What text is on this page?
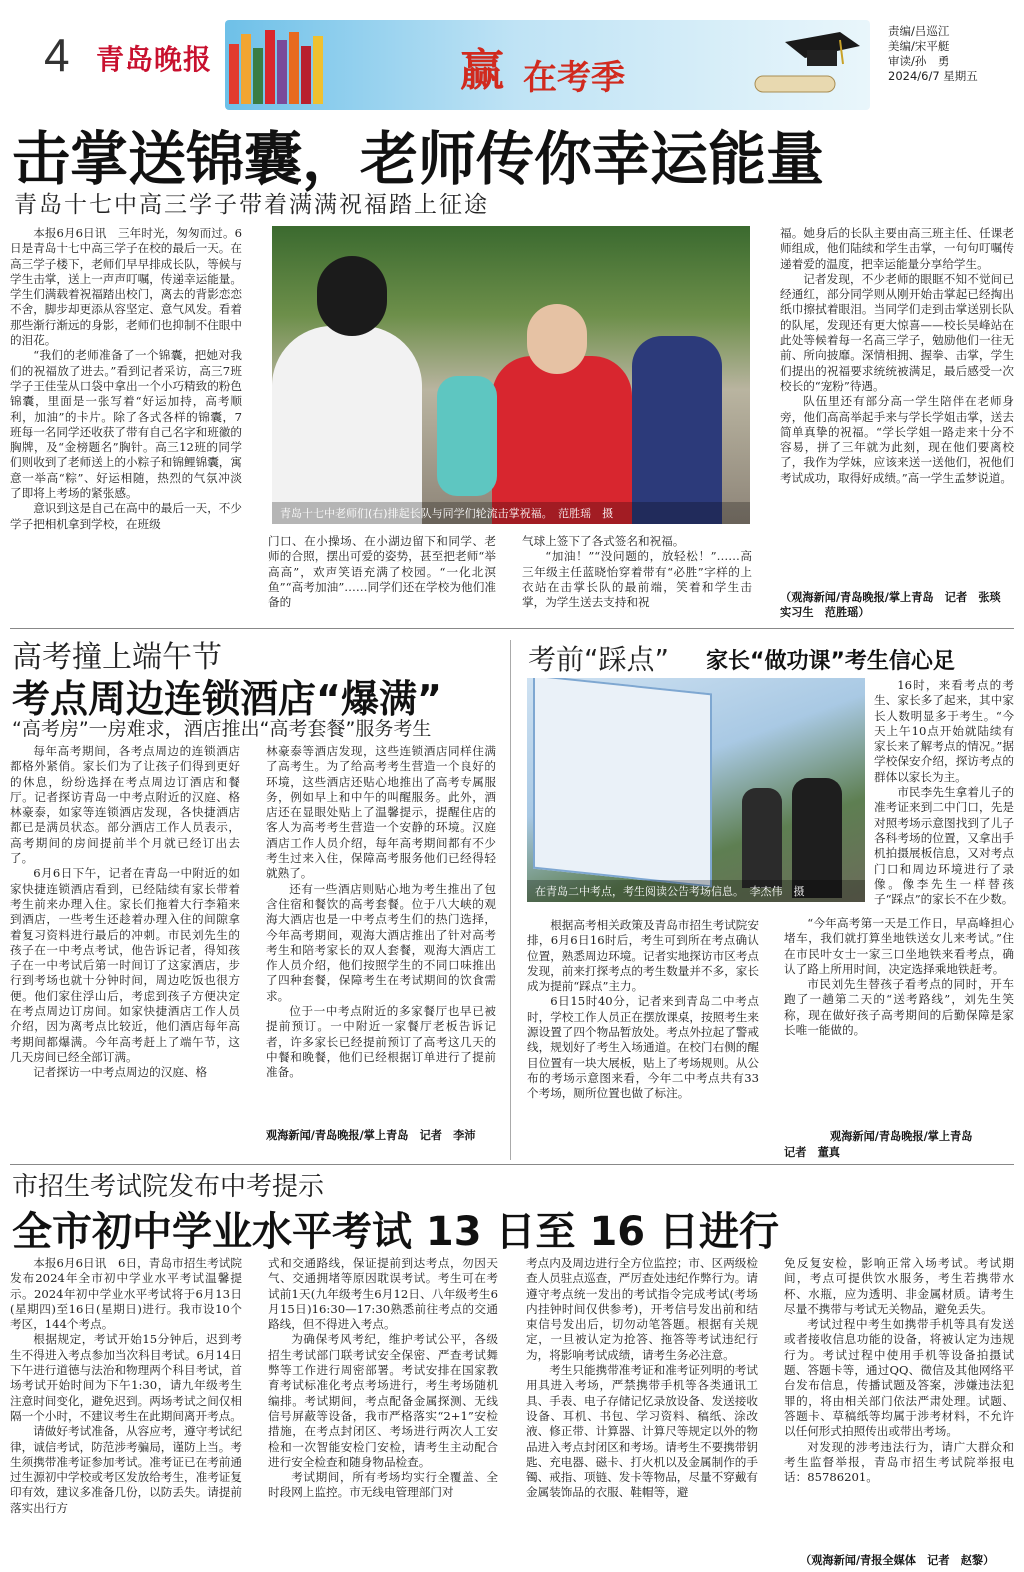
4 青岛晚报	赢 在考季
责编/吕巡江
美编/宋平艇
审读/孙　勇
2024/6/7 星期五
击掌送锦囊，老师传你幸运能量
青岛十七中高三学子带着满满祝福踏上征途

本报6月6日讯　三年时光，匆匆而过。6日是青岛十七中高三学子在校的最后一天。在高三学子楼下，老师们早早排成长队，等候与学生击掌，送上一声声叮嘱，传递幸运能量。学生们满载着祝福踏出校门，离去的背影恋恋不舍，脚步却更添从容坚定、意气风发。看着那些渐行渐远的身影，老师们也抑制不住眼中的泪花。

“我们的老师准备了一个锦囊，把她对我们的祝福放了进去。”看到记者采访，高三7班学子王佳莹从口袋中拿出一个小巧精致的粉色锦囊，里面是一张写着“好运加持，高考顺利，加油”的卡片。除了各式各样的锦囊，7班每一名同学还收获了带有自己名字和班徽的胸牌，及“金榜题名”胸针。高三12班的同学们则收到了老师送上的小粽子和锦鲤锦囊，寓意一举高“粽”、好运相随，热烈的气氛冲淡了即将上考场的紧张感。

意识到这是自己在高中的最后一天，不少学子把相机拿到学校，在班级

青岛十七中老师们(右)排起长队与同学们轮流击掌祝福。　范胜瑶　摄

门口、在小操场、在小湖边留下和同学、老师的合照，摆出可爱的姿势，甚至把老师“举高高”，欢声笑语充满了校园。“一化北溟鱼”“高考加油”……同学们还在学校为他们准备的

气球上签下了各式签名和祝福。

“加油！”“没问题的，放轻松！”……高三年级主任蓝晓怡穿着带有“必胜”字样的上衣站在击掌长队的最前端，笑着和学生击掌，为学生送去支持和祝

福。她身后的长队主要由高三班主任、任课老师组成，他们陆续和学生击掌，一句句叮嘱传递着爱的温度，把幸运能量分享给学生。

记者发现，不少老师的眼眶不知不觉间已经通红，部分同学则从刚开始击掌起已经掏出纸巾擦拭着眼泪。当同学们走到击掌送别长队的队尾，发现还有更大惊喜——校长吴峰站在此处等候着每一名高三学子，勉励他们一往无前、所向披靡。深情相拥、握拳、击掌，学生们提出的祝福要求统统被满足，最后感受一次校长的“宠粉”待遇。

队伍里还有部分高一学生陪伴在老师身旁，他们高高举起手来与学长学姐击掌，送去简单真挚的祝福。“学长学姐一路走来十分不容易，拼了三年就为此刻，现在他们要离校了，我作为学妹，应该来送一送他们，祝他们考试成功，取得好成绩。”高一学生孟梦说道。

（观海新闻/青岛晚报/掌上青岛　记者　张琰　实习生　范胜瑶）
高考撞上端午节
考点周边连锁酒店“爆满”
“高考房”一房难求，酒店推出“高考套餐”服务考生

每年高考期间，各考点周边的连锁酒店都格外紧俏。家长们为了让孩子们得到更好的休息，纷纷选择在考点周边订酒店和餐厅。记者探访青岛一中考点附近的汉庭、格林豪泰，如家等连锁酒店发现，各快捷酒店都已是满员状态。部分酒店工作人员表示，高考期间的房间提前半个月就已经订出去了。

6月6日下午，记者在青岛一中附近的如家快捷连锁酒店看到，已经陆续有家长带着考生前来办理入住。家长们拖着大行李箱来到酒店，一些考生还趁着办理入住的间隙拿着复习资料进行最后的冲刺。市民刘先生的孩子在一中考点考试，他告诉记者，得知孩子在一中考试后第一时间订了这家酒店，步行到考场也就十分钟时间，周边吃饭也很方便。他们家住浮山后，考虑到孩子方便决定在考点周边订房间。如家快捷酒店工作人员介绍，因为离考点比较近，他们酒店每年高考期间都爆满。今年高考赶上了端午节，这几天房间已经全部订满。

记者探访一中考点周边的汉庭、格

林豪泰等酒店发现，这些连锁酒店同样住满了高考生。为了给高考考生营造一个良好的环境，这些酒店还贴心地推出了高考专属服务，例如早上和中午的叫醒服务。此外，酒店还在显眼处贴上了温馨提示，提醒住店的客人为高考考生营造一个安静的环境。汉庭酒店工作人员介绍，每年高考期间都有不少考生过来入住，保障高考服务他们已经得轻就熟了。

还有一些酒店则贴心地为考生推出了包含住宿和餐饮的高考套餐。位于八大峡的观海大酒店也是一中考点考生们的热门选择，今年高考期间，观海大酒店推出了针对高考考生和陪考家长的双人套餐，观海大酒店工作人员介绍，他们按照学生的不同口味推出了四种套餐，保障考生在考试期间的饮食需求。

位于一中考点附近的多家餐厅也早已被提前预订。一中附近一家餐厅老板告诉记者，许多家长已经提前预订了高考这几天的中餐和晚餐，他们已经根据订单进行了提前准备。

观海新闻/青岛晚报/掌上青岛　记者　李沛
考前“踩点” 家长“做功课”考生信心足
在青岛二中考点，考生阅读公告考场信息。　李杰伟　摄

16时，来看考点的考生、家长多了起来，其中家长人数明显多于考生。“今天上午10点开始就陆续有家长来了解考点的情况。”据学校保安介绍，探访考点的群体以家长为主。

市民李先生拿着儿子的准考证来到二中门口，先是对照考场示意图找到了儿子各科考场的位置，又拿出手机拍摄展板信息，又对考点门口和周边环境进行了录像。像李先生一样替孩子“踩点”的家长不在少数。

“今年高考第一天是工作日，早高峰担心堵车，我们就打算坐地铁送女儿来考试。”住在市民叶女士一家三口坐地铁来看考点，确认了路上所用时间，决定选择乘地铁赶考。

市民刘先生替孩子看考点的同时，开车跑了一趟第二天的“送考路线”，刘先生笑称，现在做好孩子高考期间的后勤保障是家长唯一能做的。

观海新闻/青岛晚报/掌上青岛
记者　董真

根据高考相关政策及青岛市招生考试院安排，6月6日16时后，考生可到所在考点确认位置，熟悉周边环境。记者实地探访市区考点发现，前来打探考点的考生数量并不多，家长成为提前“踩点”主力。

6日15时40分，记者来到青岛二中考点时，学校工作人员正在摆放课桌，按照考生来源设置了四个物品暂放处。考点外拉起了警戒线，规划好了考生入场通道。在校门右侧的醒目位置有一块大展板，贴上了考场规则。从公布的考场示意图来看，今年二中考点共有33个考场，厕所位置也做了标注。

市招生考试院发布中考提示
全市初中学业水平考试 13 日至 16 日进行

本报6月6日讯　6日，青岛市招生考试院发布2024年全市初中学业水平考试温馨提示。2024年初中学业水平考试将于6月13日(星期四)至16日(星期日)进行。我市设10个考区，144个考点。

根据规定，考试开始15分钟后，迟到考生不得进入考点参加当次科目考试。6月14日下午进行道德与法治和物理两个科目考试，首场考试开始时间为下午1:30，请九年级考生注意时间变化，避免迟到。两场考试之间仅相隔一个小时，不建议考生在此期间离开考点。

请做好考试准备，从容应考，遵守考试纪律，诚信考试，防范涉考骗局，谨防上当。考生须携带准考证参加考试。准考证已在考前通过生源初中学校或考区发放给考生，准考证复印有效，建议多准备几份，以防丢失。请提前落实出行方

式和交通路线，保证提前到达考点，勿因天气、交通拥堵等原因耽误考试。考生可在考试前1天(九年级考生6月12日、八年级考生6月15日)16:30—17:30熟悉前往考点的交通路线，但不得进入考点。

为确保考风考纪，维护考试公平，各级招生考试部门联考试安全保密、严查考试舞弊等工作进行周密部署。考试安排在国家教育考试标准化考点考场进行，考生考场随机编排。考试期间，考点配备金属探测、无线信号屏蔽等设备，我市严格落实“2+1”安检措施，在考点封闭区、考场进行两次人工安检和一次智能安检门安检，请考生主动配合进行安全检查和随身物品检查。

考试期间，所有考场均实行全覆盖、全时段网上监控。市无线电管理部门对

考点内及周边进行全方位监控；市、区两级检查人员驻点巡查，严厉查处违纪作弊行为。请遵守考点统一发出的考试指令完成考试(考场内挂钟时间仅供参考)，开考信号发出前和结束信号发出后，切勿动笔答题。根据有关规定，一旦被认定为抢答、拖答等考试违纪行为，将影响考试成绩，请考生务必注意。

考生只能携带准考证和准考证列明的考试用具进入考场，严禁携带手机等各类通讯工具、手表、电子存储记忆录放设备、发送接收设备、耳机、书包、学习资料、稿纸、涂改液、修正带、计算器、计算尺等规定以外的物品进入考点封闭区和考场。请考生不要携带钥匙、充电器、磁卡、打火机以及金属制作的手镯、戒指、项链、发卡等物品，尽量不穿戴有金属装饰品的衣服、鞋帽等，避

免反复安检，影响正常入场考试。考试期间，考点可提供饮水服务，考生若携带水杯、水瓶，应为透明、非金属材质。请考生尽量不携带与考试无关物品，避免丢失。

考试过程中考生如携带手机等具有发送或者接收信息功能的设备，将被认定为违规行为。考试过程中使用手机等设备拍摄试题、答题卡等，通过QQ、微信及其他网络平台发布信息，传播试题及答案，涉嫌违法犯罪的，将由相关部门依法严肃处理。试题、答题卡、草稿纸等均属于涉考材料，不允许以任何形式拍照传出或带出考场。

对发现的涉考违法行为，请广大群众和考生监督举报，青岛市招生考试院举报电话：85786201。

（观海新闻/青报全媒体　记者　赵黎）
